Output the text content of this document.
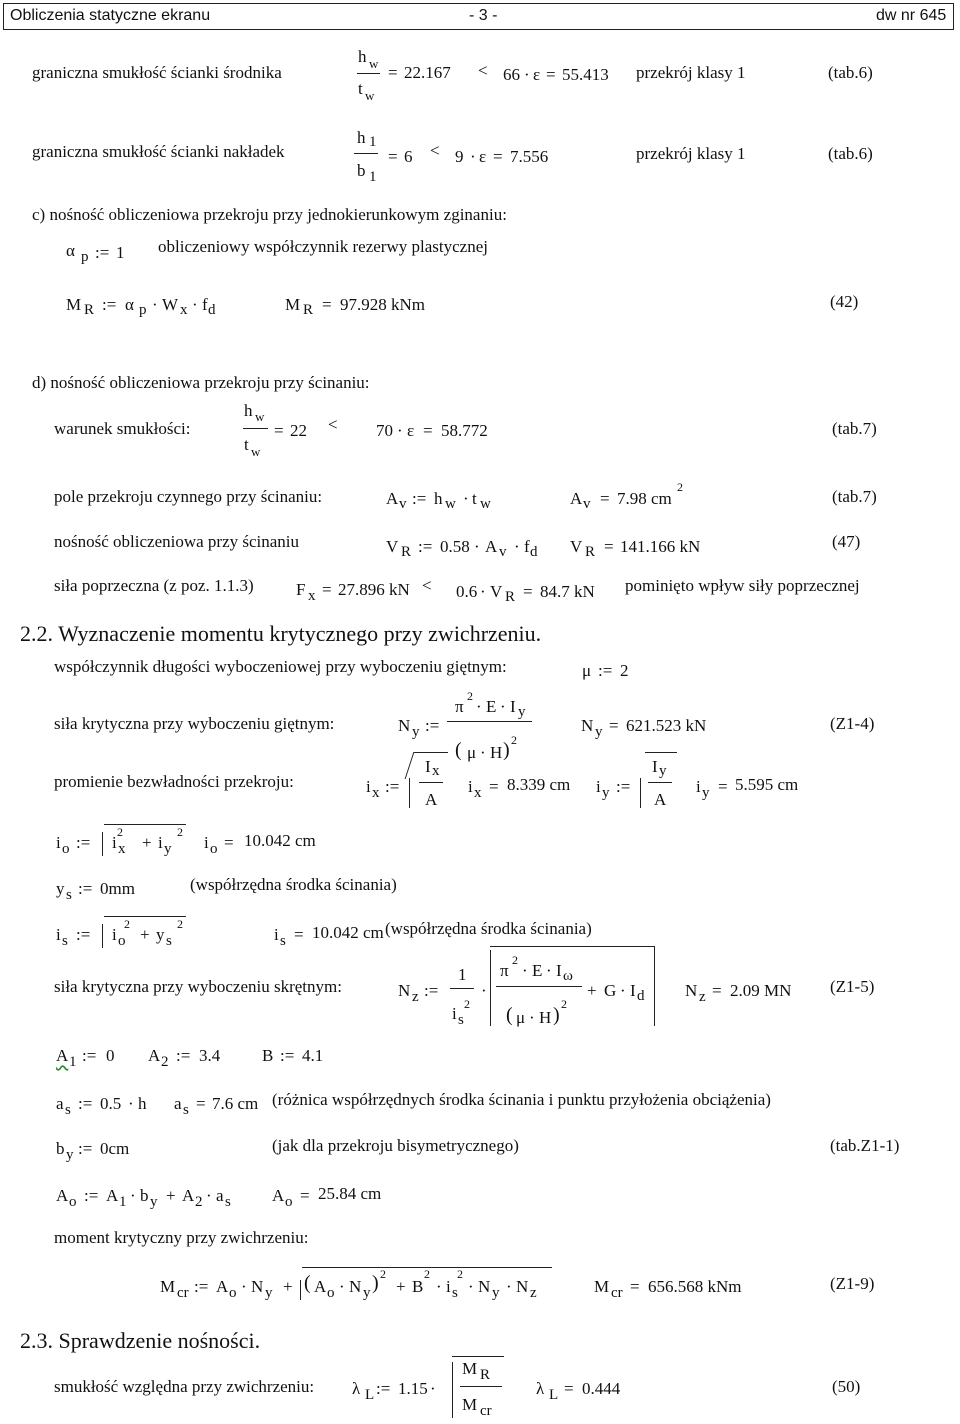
Obliczenia statyczne ekranu	- 3 -	dw nr 645
graniczna smukłość ścianki środnika
h w
t w
= 22.167 < 66 · ε = 55.413 przekrój klasy 1	(tab.6)
graniczna smukłość ścianki nakładek
h 1
b 1
= 6 < 9 · ε = 7.556	przekrój klasy 1	(tab.6)
c) nośność obliczeniowa przekroju przy jednokierunkowym zginaniu:
α p := 1 obliczeniowy współczynnik rezerwy plastycznej
M R := α p · W x · f d	M R = 97.928 kNm	(42)
d) nośność obliczeniowa przekroju przy ścinaniu:
warunek smukłości:
h w
t w
= 22 < 70 · ε = 58.772	(tab.7)
pole przekroju czynnego przy ścinaniu:	A v := h w · t w	A v = 7.98 cm
2	(tab.7)
nośność obliczeniowa przy ścinaniu	V R := 0.58 · A v · f d V R = 141.166 kN	(47)
siła poprzeczna (z poz. 1.1.3) F x = 27.896 kN < 0.6 · V R = 84.7 kN pominięto wpływ siły poprzecznej
2.2. Wyznaczenie momentu krytycznego przy zwichrzeniu.
współczynnik długości wyboczeniowej przy wyboczeniu giętnym:	μ := 2
siła krytyczna przy wyboczeniu giętnym:	N y :=
π
2
· E · I y
( μ · H ) 2
N y = 621.523 kN	(Z1-4)
promienie bezwładności przekroju:	i x :=
I x
A
i x = 8.339 cm i y :=
I y
A
i y = 5.595 cm
i o := i
2
x + i
2
y i o = 10.042 cm
y s := 0mm	(współrzędna środka ścinania)
i s := i
2
o + y
2
s	i s = 10.042 cm (współrzędna środka ścinania)
siła krytyczna przy wyboczeniu skrętnym:	N z :=
1
i 2
s
·
π
2
· E · I ω
( μ · H ) 2
+ G · I d N z = 2.09 MN (Z1-5)
A 1 := 0 A 2 := 3.4 B := 4.1
a s := 0.5 · h a s = 7.6 cm (różnica współrzędnych środka ścinania i punktu przyłożenia obciążenia)
b y := 0cm	(jak dla przekroju bisymetrycznego)	(tab.Z1-1)
A o := A 1 · b y + A 2 · a s A o = 25.84 cm
moment krytyczny przy zwichrzeniu:
M cr := A o · N y + ( A o · N y ) 2
+ B
2
· i
2
s · N y · N z	M cr = 656.568 kNm	(Z1-9)
2.3. Sprawdzenie nośności.
smukłość względna przy zwichrzeniu: λ L := 1.15 ·
M R
M cr
λ L = 0.444	(50)
